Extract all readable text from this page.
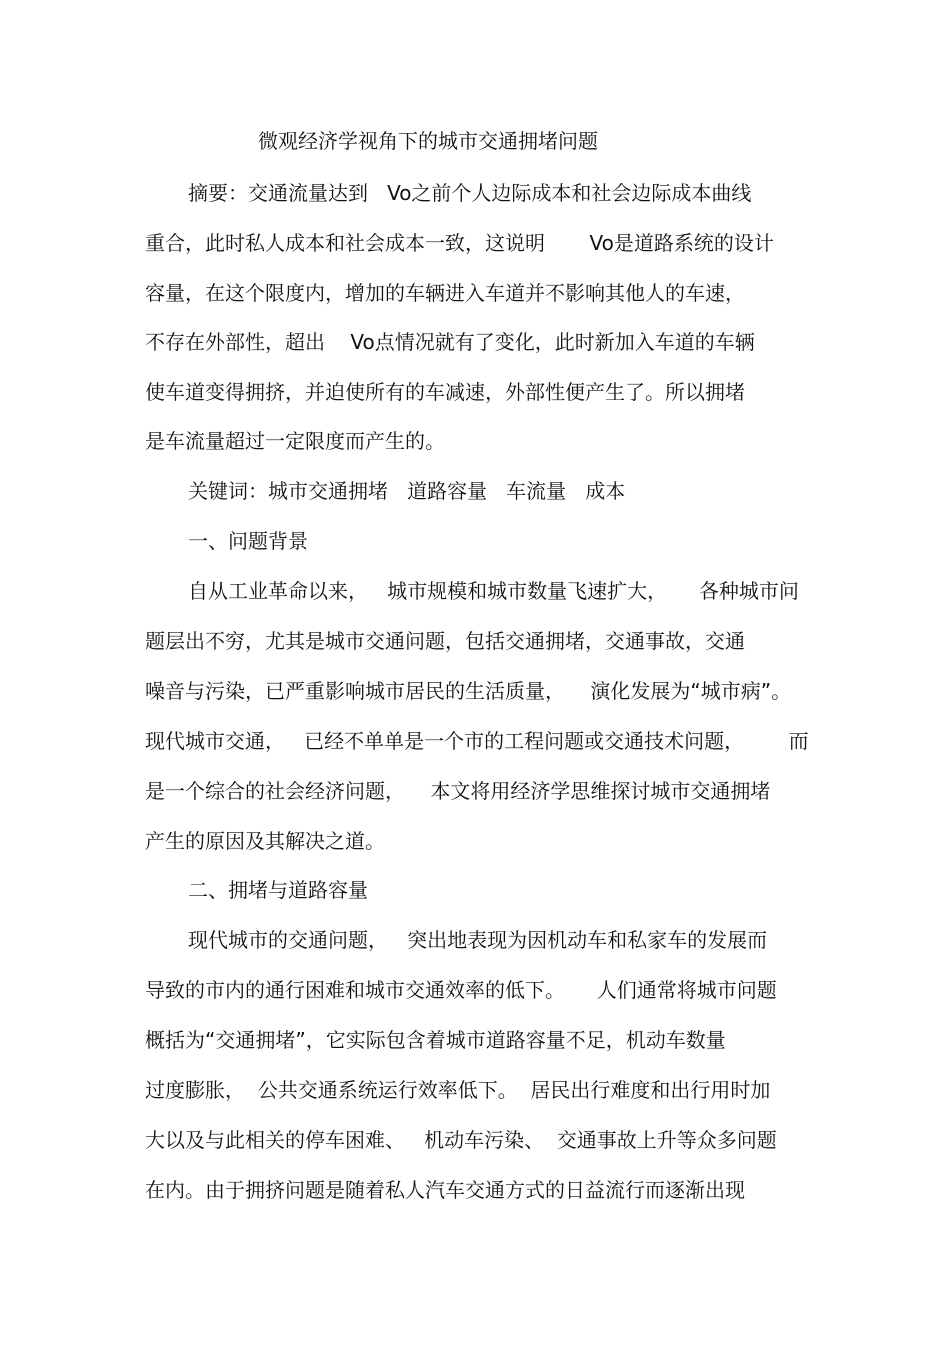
微观经济学视角下的城市交通拥堵问题

摘要：交通流量达到   Vo之前个人边际成本和社会边际成本曲线

重合，此时私人成本和社会成本一致，这说明       Vo是道路系统的设计

容量，在这个限度内，增加的车辆进入车道并不影响其他人的车速，

不存在外部性，超出    Vo点情况就有了变化，此时新加入车道的车辆

使车道变得拥挤，并迫使所有的车减速，外部性便产生了。所以拥堵

是车流量超过一定限度而产生的。

关键词：城市交通拥堵   道路容量   车流量   成本

一、问题背景

自从工业革命以来，   城市规模和城市数量飞速扩大，     各种城市问

题层出不穷，尤其是城市交通问题，包括交通拥堵，交通事故，交通

噪音与污染，已严重影响城市居民的生活质量，    演化发展为“城市病”。

现代城市交通，   已经不单单是一个市的工程问题或交通技术问题，       而

是一个综合的社会经济问题，    本文将用经济学思维探讨城市交通拥堵

产生的原因及其解决之道。

二、拥堵与道路容量

现代城市的交通问题，   突出地表现为因机动车和私家车的发展而

导致的市内的通行困难和城市交通效率的低下。     人们通常将城市问题

概括为“交通拥堵”，它实际包含着城市道路容量不足，机动车数量

过度膨胀，  公共交通系统运行效率低下。  居民出行难度和出行用时加

大以及与此相关的停车困难、   机动车污染、  交通事故上升等众多问题

在内。由于拥挤问题是随着私人汽车交通方式的日益流行而逐渐出现
